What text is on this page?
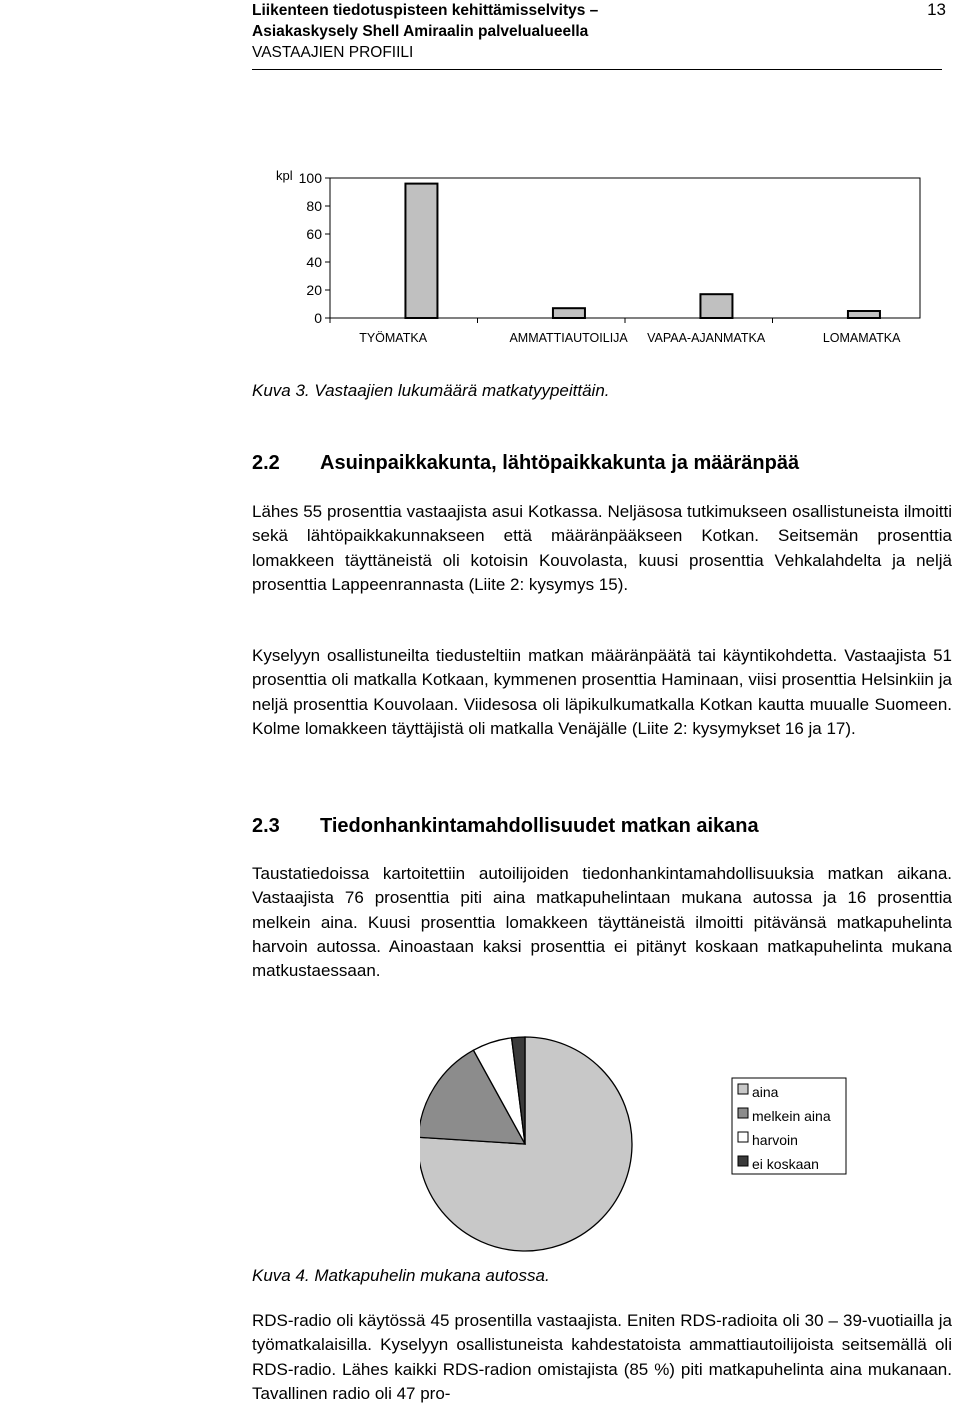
Liikenteen tiedotuspisteen kehittämisselvitys –
Asiakaskysely Shell Amiraalin palvelualueella
VASTAAJIEN PROFIILI
13
kpl
0
20
40
60
80
100
TYÖMATKA	AMMATTIAUTOILIJA VAPAA-AJANMATKA	LOMAMATKA
Kuva 3. Vastaajien lukumäärä matkatyypeittäin.
2.2 Asuinpaikkakunta, lähtöpaikkakunta ja määränpää

Lähes 55 prosenttia vastaajista asui Kotkassa. Neljäsosa tutkimukseen osallistuneista ilmoitti sekä lähtöpaikkakunnakseen että määränpääkseen Kotkan. Seitsemän prosenttia lomakkeen täyttäneistä oli kotoisin Kouvolasta, kuusi prosenttia Vehkalahdelta ja neljä prosenttia Lappeenrannasta (Liite 2: kysymys 15).

Kyselyyn osallistuneilta tiedusteltiin matkan määränpäätä tai käyntikohdetta. Vastaajista 51 prosenttia oli matkalla Kotkaan, kymmenen prosenttia Haminaan, viisi prosenttia Helsinkiin ja neljä prosenttia Kouvolaan. Viidesosa oli läpikulkumatkalla Kotkan kautta muualle Suomeen. Kolme lomakkeen täyttäjistä oli matkalla Venäjälle (Liite 2: kysymykset 16 ja 17).

2.3 Tiedonhankintamahdollisuudet matkan aikana

Taustatiedoissa kartoitettiin autoilijoiden tiedonhankintamahdollisuuksia matkan aikana. Vastaajista 76 prosenttia piti aina matkapuhelintaan mukana autossa ja 16 prosenttia melkein aina. Kuusi prosenttia lomakkeen täyttäneistä ilmoitti pitävänsä matkapuhelinta harvoin autossa. Ainoastaan kaksi prosenttia ei pitänyt koskaan matkapuhelinta mukana matkustaessaan.

aina
melkein aina
harvoin
ei koskaan
Kuva 4. Matkapuhelin mukana autossa.

RDS-radio oli käytössä 45 prosentilla vastaajista. Eniten RDS-radioita oli 30 – 39-vuotiailla ja työmatkalaisilla. Kyselyyn osallistuneista kahdestatoista ammattiautoilijoista seitsemällä oli RDS-radio. Lähes kaikki RDS-radion omistajista (85 %) piti matkapuhelinta aina mukanaan. Tavallinen radio oli 47 pro-
